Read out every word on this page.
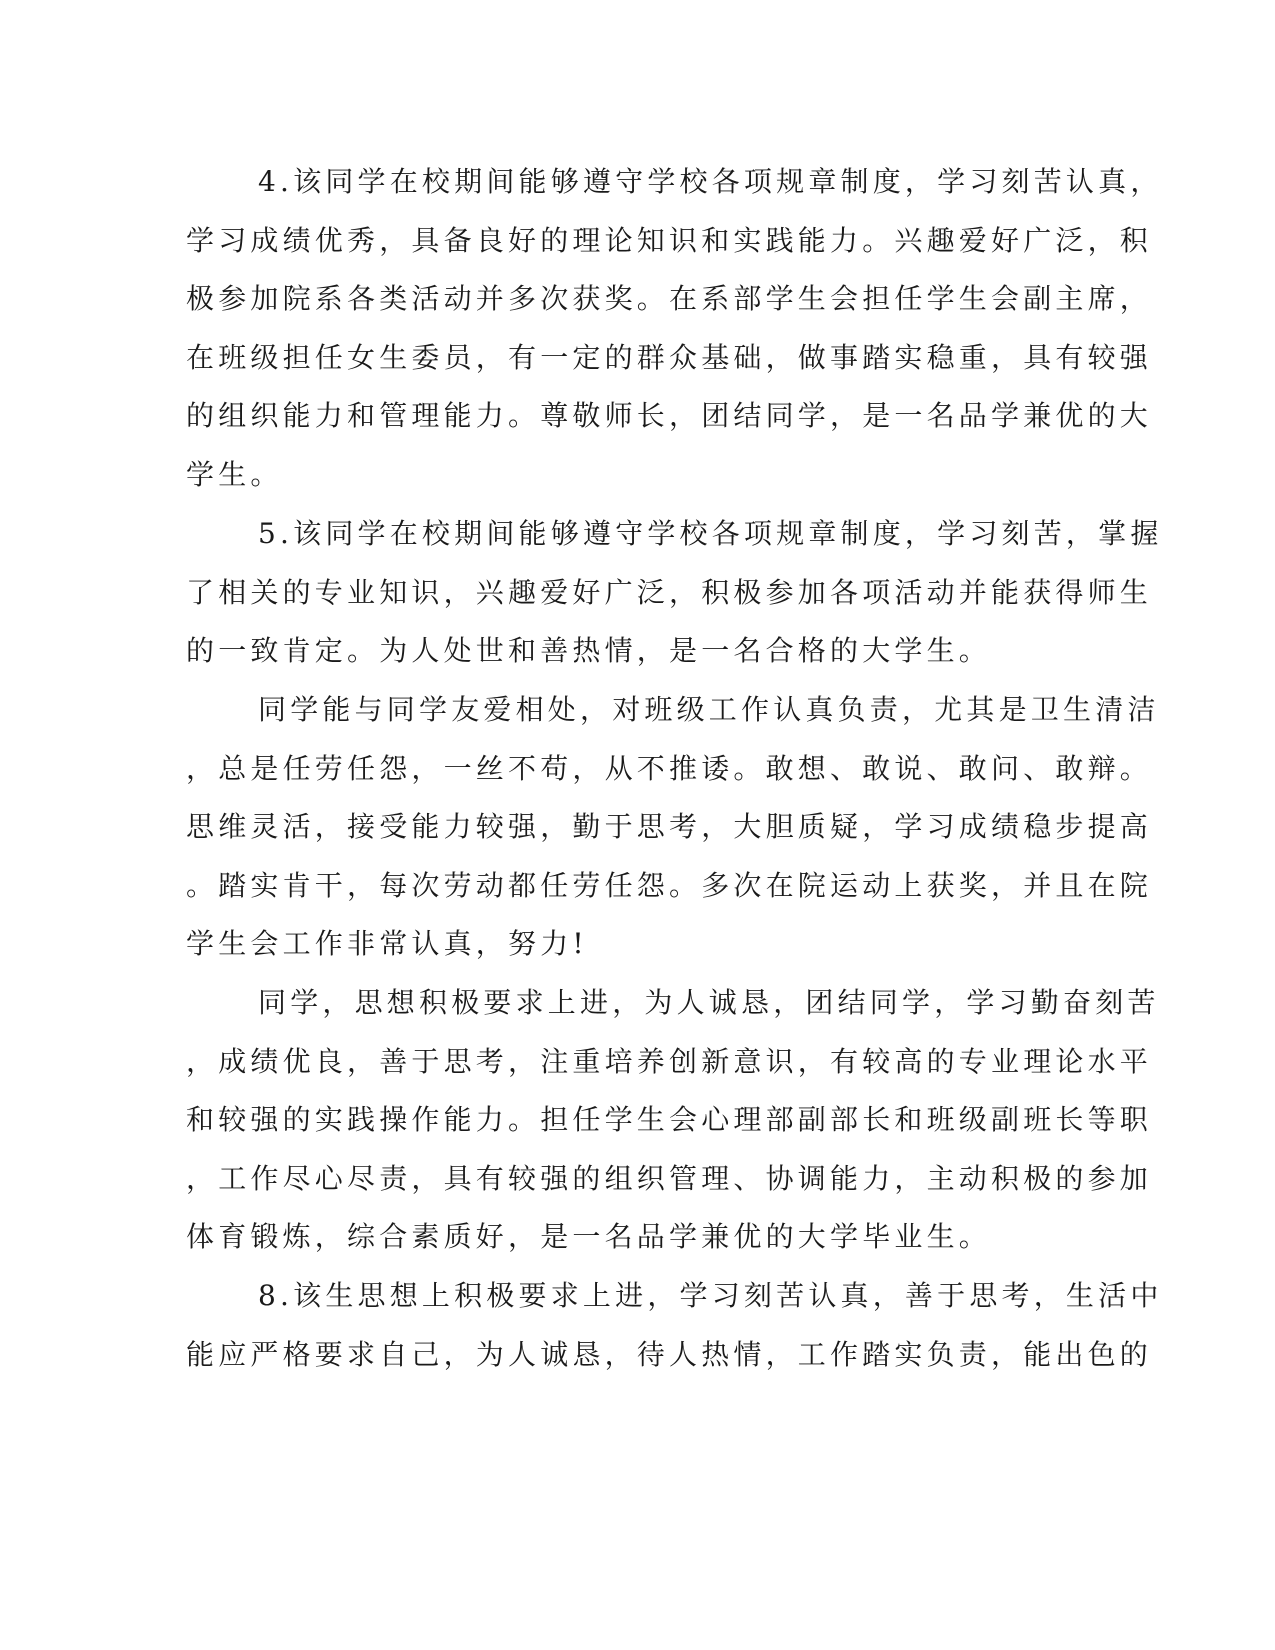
4.该同学在校期间能够遵守学校各项规章制度，学习刻苦认真，

学习成绩优秀，具备良好的理论知识和实践能力。兴趣爱好广泛，积

极参加院系各类活动并多次获奖。在系部学生会担任学生会副主席，

在班级担任女生委员，有一定的群众基础，做事踏实稳重，具有较强

的组织能力和管理能力。尊敬师长，团结同学，是一名品学兼优的大

学生。

5.该同学在校期间能够遵守学校各项规章制度，学习刻苦，掌握

了相关的专业知识，兴趣爱好广泛，积极参加各项活动并能获得师生

的一致肯定。为人处世和善热情，是一名合格的大学生。

同学能与同学友爱相处，对班级工作认真负责，尤其是卫生清洁

，总是任劳任怨，一丝不苟，从不推诿。敢想、敢说、敢问、敢辩。

思维灵活，接受能力较强，勤于思考，大胆质疑，学习成绩稳步提高

。踏实肯干，每次劳动都任劳任怨。多次在院运动上获奖，并且在院

学生会工作非常认真，努力!

同学，思想积极要求上进，为人诚恳，团结同学，学习勤奋刻苦

，成绩优良，善于思考，注重培养创新意识，有较高的专业理论水平

和较强的实践操作能力。担任学生会心理部副部长和班级副班长等职

，工作尽心尽责，具有较强的组织管理、协调能力，主动积极的参加

体育锻炼，综合素质好，是一名品学兼优的大学毕业生。

8.该生思想上积极要求上进，学习刻苦认真，善于思考，生活中

能应严格要求自己，为人诚恳，待人热情，工作踏实负责，能出色的
